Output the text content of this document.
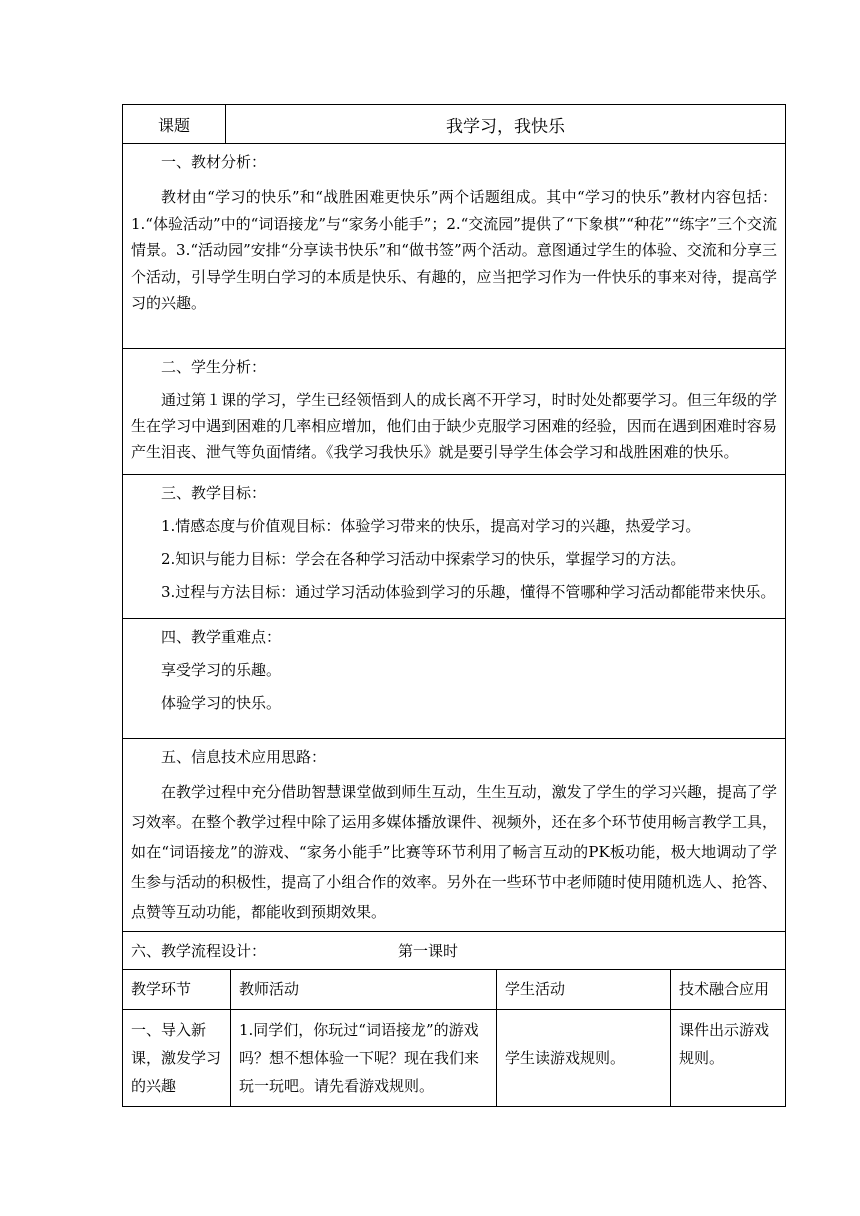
课题	我学习，我快乐
一、教材分析：

教材由“学习的快乐”和“战胜困难更快乐”两个话题组成。其中“学习的快乐”教材内容包括：1.“体验活动”中的“词语接龙”与“家务小能手”；2.“交流园”提供了“下象棋”“种花”“练字”三个交流情景。3.“活动园”安排“分享读书快乐”和“做书签”两个活动。意图通过学生的体验、交流和分享三个活动，引导学生明白学习的本质是快乐、有趣的，应当把学习作为一件快乐的事来对待，提高学习的兴趣。

二、学生分析：

通过第１课的学习，学生已经领悟到人的成长离不开学习，时时处处都要学习。但三年级的学生在学习中遇到困难的几率相应增加，他们由于缺少克服学习困难的经验，因而在遇到困难时容易产生泪丧、泄气等负面情绪。《我学习我快乐》就是要引导学生体会学习和战胜困难的快乐。

三、教学目标：
1.情感态度与价值观目标：体验学习带来的快乐，提高对学习的兴趣，热爱学习。
2.知识与能力目标：学会在各种学习活动中探索学习的快乐，掌握学习的方法。
3.过程与方法目标：通过学习活动体验到学习的乐趣，懂得不管哪种学习活动都能带来快乐。
四、教学重难点：
享受学习的乐趣。
体验学习的快乐。
五、信息技术应用思路：

在教学过程中充分借助智慧课堂做到师生互动，生生互动，激发了学生的学习兴趣，提高了学习效率。在整个教学过程中除了运用多媒体播放课件、视频外，还在多个环节使用畅言教学工具，如在“词语接龙”的游戏、“家务小能手”比赛等环节利用了畅言互动的PK板功能，极大地调动了学生参与活动的积极性，提高了小组合作的效率。另外在一些环节中老师随时使用随机选人、抢答、点赞等互动功能，都能收到预期效果。

六、教学流程设计：	第一课时
教学环节	教师活动	学生活动	技术融合应用
一、导入新课，激发学习的兴趣	1.同学们，你玩过“词语接龙”的游戏吗？想不想体验一下呢？现在我们来玩一玩吧。请先看游戏规则。	学生读游戏规则。	课件出示游戏规则。
